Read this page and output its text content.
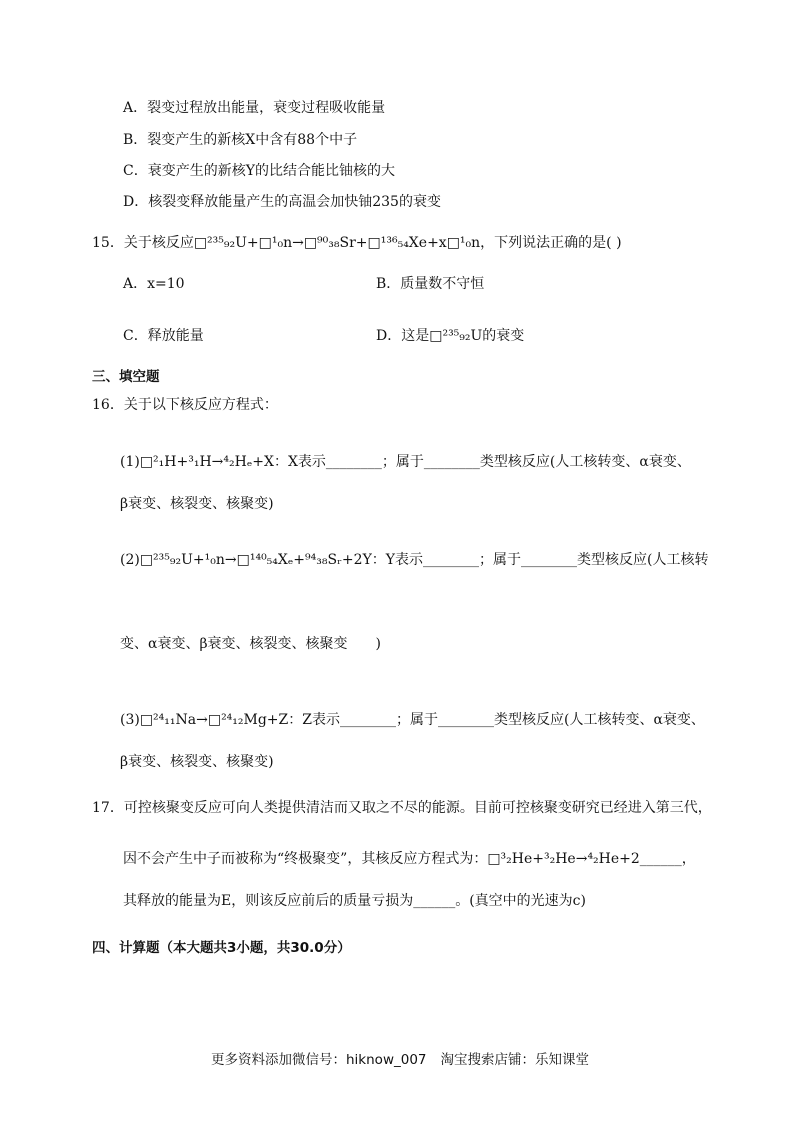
A．裂变过程放出能量，衰变过程吸收能量
B．裂变产生的新核X中含有88个中子
C．衰变产生的新核Y的比结合能比铀核的大
D．核裂变释放能量产生的高温会加快铀235的衰变
15．关于核反应□²³⁵₉₂U+□¹₀n→□⁹⁰₃₈Sr+□¹³⁶₅₄Xe+x□¹₀n，下列说法正确的是( )
A．x=10	B．质量数不守恒
C．释放能量	D．这是□²³⁵₉₂U的衰变
三、填空题
16．关于以下核反应方程式：
(1)□²₁H+³₁H→⁴₂Hₑ+X：X表示________；属于________类型核反应(人工核转变、α衰变、
β衰变、核裂变、核聚变)
(2)□²³⁵₉₂U+¹₀n→□¹⁴⁰₅₄Xₑ+⁹⁴₃₈Sᵣ+2Y：Y表示________；属于________类型核反应(人工核转
变、α衰变、β衰变、核裂变、核聚变　　)
(3)□²⁴₁₁Na→□²⁴₁₂Mg+Z：Z表示________；属于________类型核反应(人工核转变、α衰变、
β衰变、核裂变、核聚变)
17．可控核聚变反应可向人类提供清洁而又取之不尽的能源。目前可控核聚变研究已经进入第三代，
因不会产生中子而被称为“终极聚变”，其核反应方程式为：□³₂He+³₂He→⁴₂He+2______，
其释放的能量为E，则该反应前后的质量亏损为______。(真空中的光速为c)
四、计算题（本大题共3小题，共30.0分）
更多资料添加微信号：hiknow_007 淘宝搜索店铺：乐知课堂
